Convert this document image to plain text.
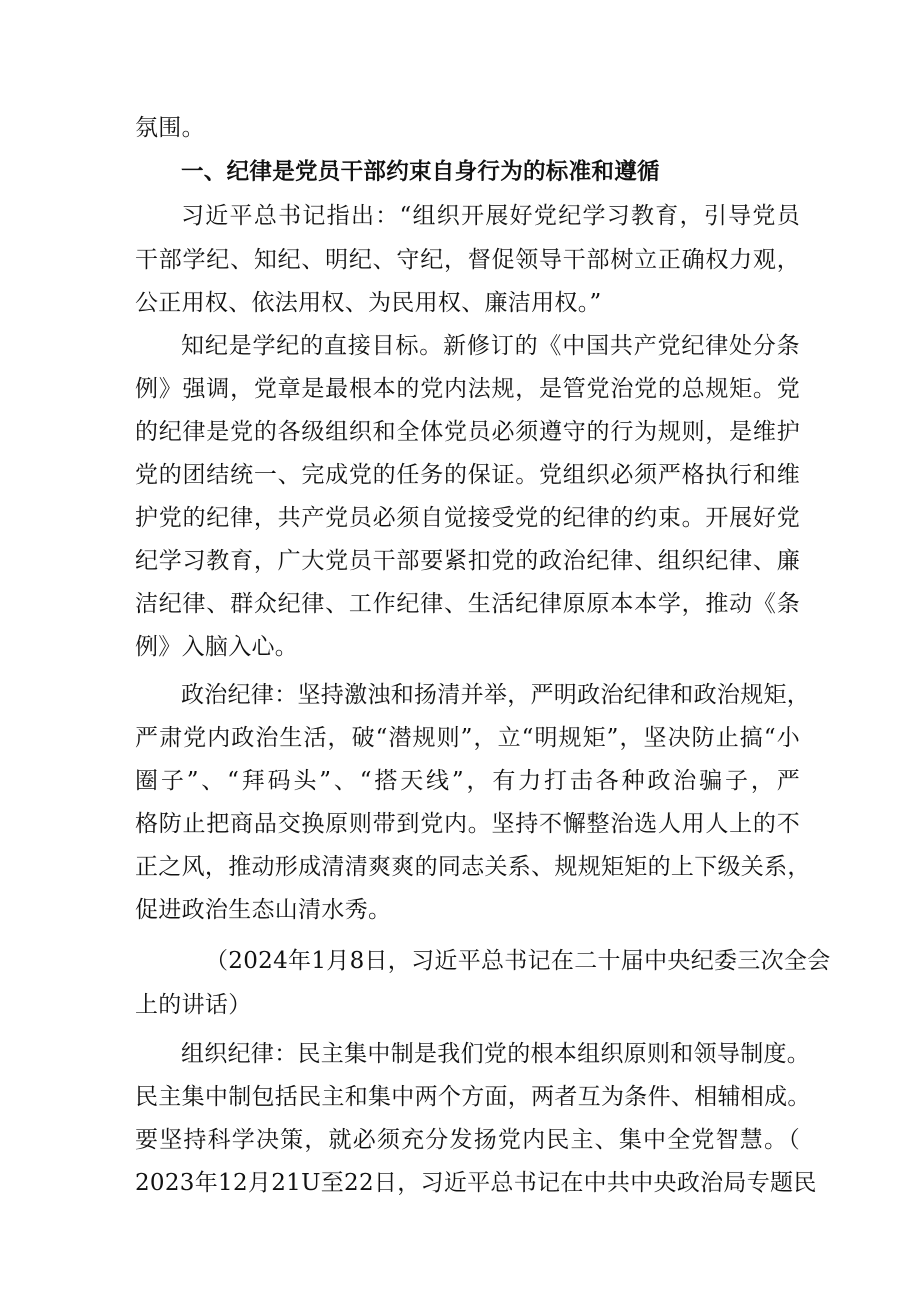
氛围。
一、纪律是党员干部约束自身行为的标准和遵循
习近平总书记指出：“组织开展好党纪学习教育，引导党员
干部学纪、知纪、明纪、守纪，督促领导干部树立正确权力观，
公正用权、依法用权、为民用权、廉洁用权。”
知纪是学纪的直接目标。新修订的《中国共产党纪律处分条
例》强调，党章是最根本的党内法规，是管党治党的总规矩。党
的纪律是党的各级组织和全体党员必须遵守的行为规则，是维护
党的团结统一、完成党的任务的保证。党组织必须严格执行和维
护党的纪律，共产党员必须自觉接受党的纪律的约束。开展好党
纪学习教育，广大党员干部要紧扣党的政治纪律、组织纪律、廉
洁纪律、群众纪律、工作纪律、生活纪律原原本本学，推动《条
例》入脑入心。
政治纪律：坚持激浊和扬清并举，严明政治纪律和政治规矩，
严肃党内政治生活，破“潜规则”，立“明规矩”，坚决防止搞“小
圈子”、“拜码头”、“搭天线”，有力打击各种政治骗子，严
格防止把商品交换原则带到党内。坚持不懈整治选人用人上的不
正之风，推动形成清清爽爽的同志关系、规规矩矩的上下级关系，
促进政治生态山清水秀。
（2024年1月8日，习近平总书记在二十届中央纪委三次全会
上的讲话）
组织纪律：民主集中制是我们党的根本组织原则和领导制度。
民主集中制包括民主和集中两个方面，两者互为条件、相辅相成。
要坚持科学决策，就必须充分发扬党内民主、集中全党智慧。（
2023年12月21U至22日，习近平总书记在中共中央政治局专题民
